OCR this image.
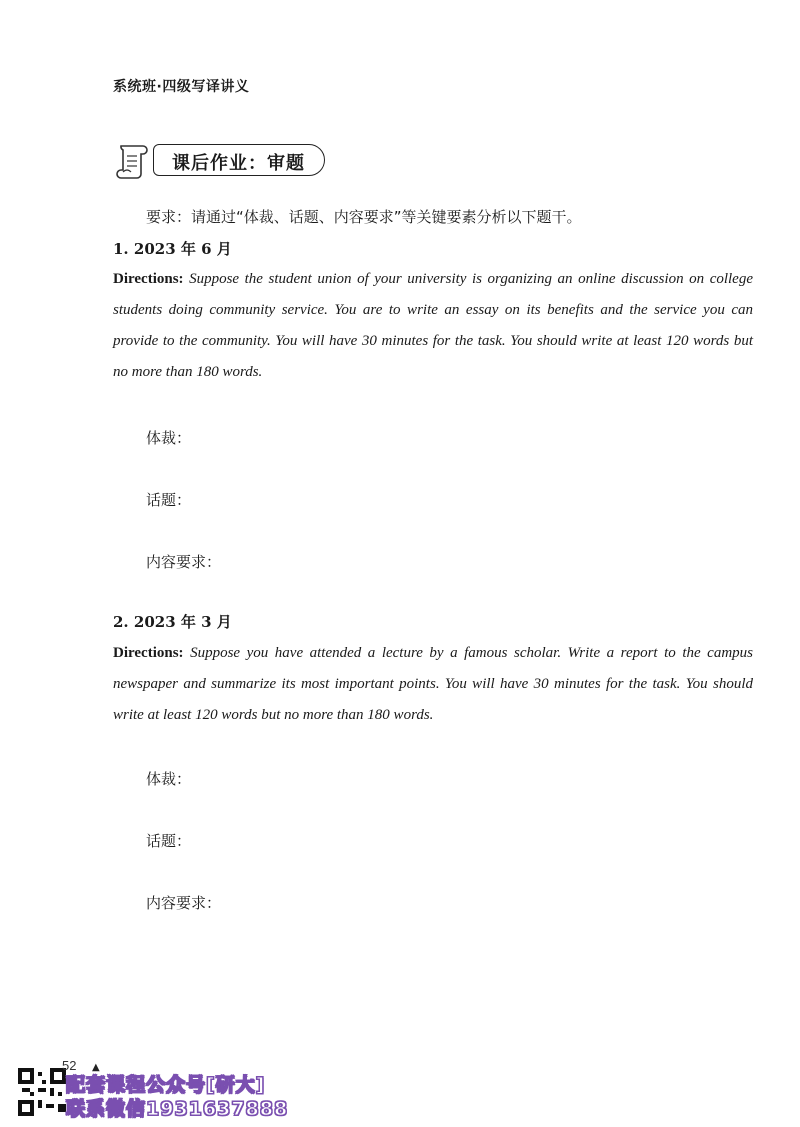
系统班·四级写译讲义
课后作业：审题
要求：请通过“体裁、话题、内容要求”等关键要素分析以下题干。
1. 2023 年 6 月
Directions: Suppose the student union of your university is organizing an online discussion on college students doing community service. You are to write an essay on its benefits and the service you can provide to the community. You will have 30 minutes for the task. You should write at least 120 words but no more than 180 words.
体裁：
话题：
内容要求：
2. 2023 年 3 月
Directions: Suppose you have attended a lecture by a famous scholar. Write a report to the campus newspaper and summarize its most important points. You will have 30 minutes for the task. You should write at least 120 words but no more than 180 words.
体裁：
话题：
内容要求：
52 ▲
配套课程公众号[研大]
联系微信1931637888
